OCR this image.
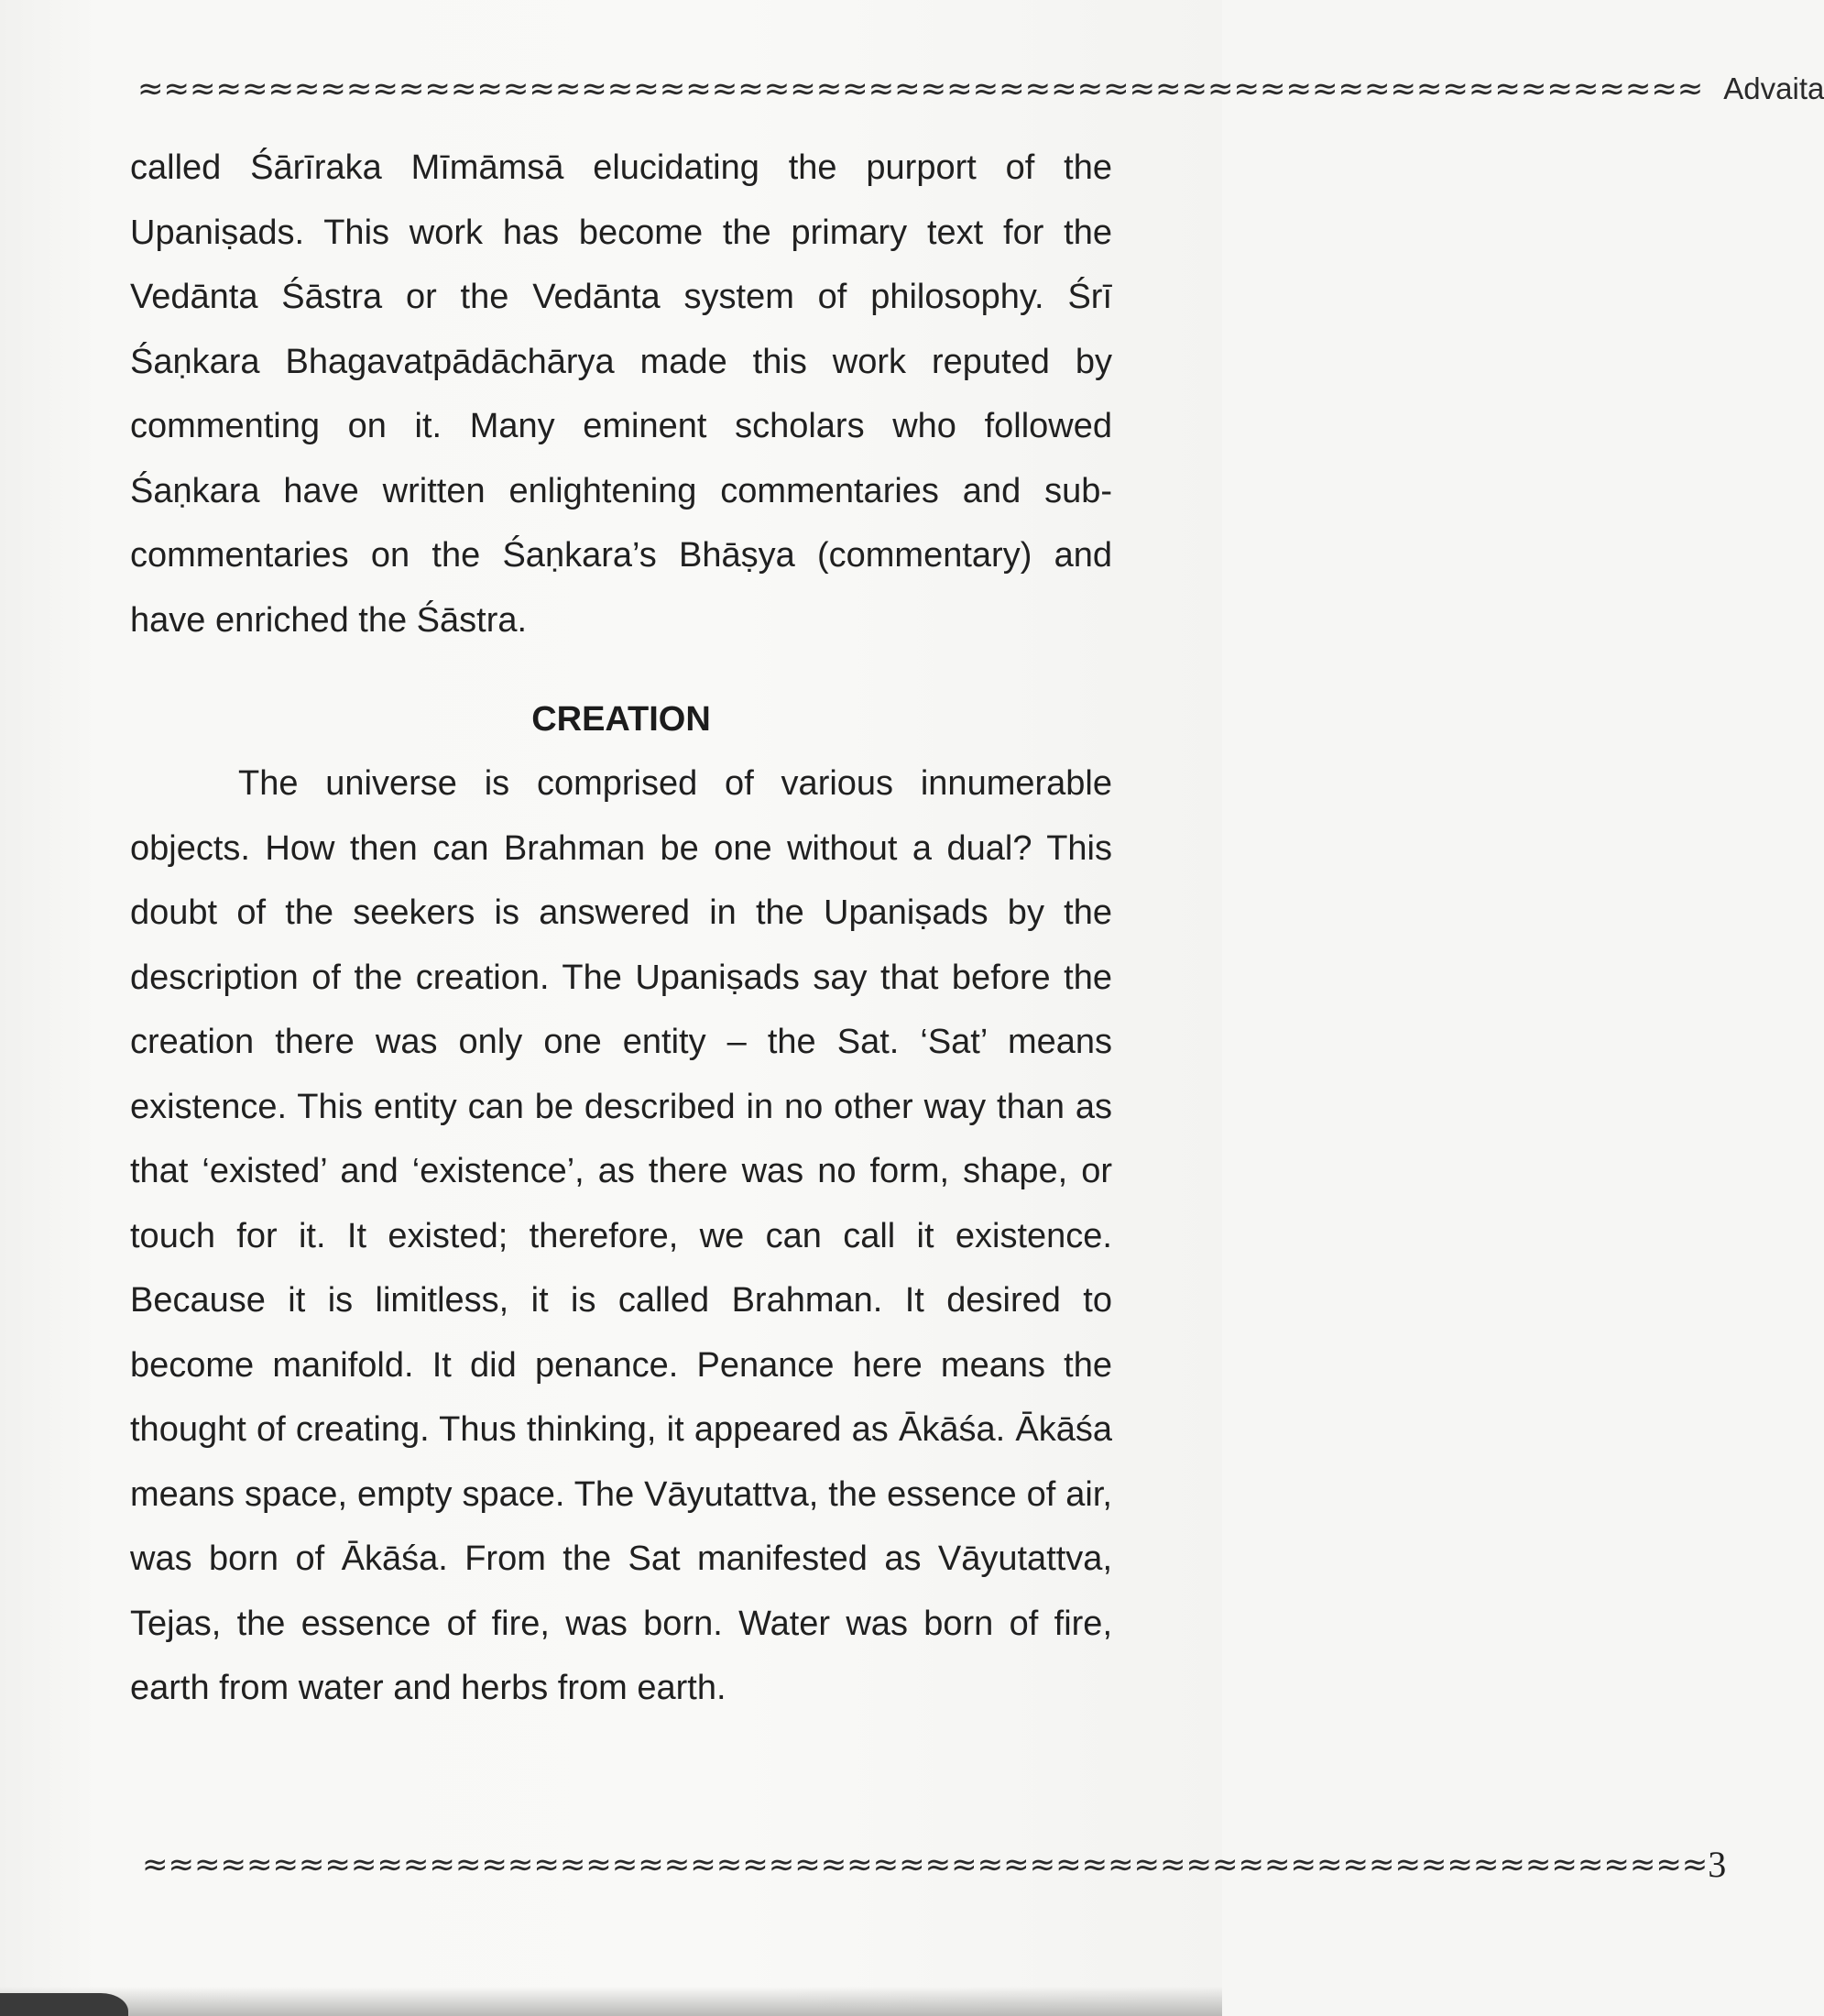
≈≈≈≈≈≈≈≈≈≈≈≈≈≈≈≈≈≈≈≈≈≈≈≈≈≈≈≈≈≈≈≈≈≈≈≈≈≈≈≈≈≈≈≈≈≈≈≈≈≈≈≈≈≈≈≈≈≈≈≈ Advaita

called Śārīraka Mīmāmsā elucidating the purport of the Upaniṣads. This work has become the primary text for the Vedānta Śāstra or the Vedānta system of philosophy. Śrī Śaṇkara Bhagavatpādāchārya made this work reputed by commenting on it. Many eminent scholars who followed Śaṇkara have written enlightening commentaries and sub-commentaries on the Śaṇkara’s Bhāṣya (commentary) and have enriched the Śāstra.

CREATION

The universe is comprised of various innumerable objects. How then can Brahman be one without a dual? This doubt of the seekers is answered in the Upaniṣads by the description of the creation. The Upaniṣads say that before the creation there was only one entity – the Sat. ‘Sat’ means existence. This entity can be described in no other way than as that ‘existed’ and ‘existence’, as there was no form, shape, or touch for it. It existed; therefore, we can call it existence. Because it is limitless, it is called Brahman. It desired to become manifold. It did penance. Penance here means the thought of creating. Thus thinking, it appeared as Ākāśa. Ākāśa means space, empty space. The Vāyutattva, the essence of air, was born of Ākāśa. From the Sat manifested as Vāyutattva, Tejas, the essence of fire, was born. Water was born of fire, earth from water and herbs from earth.

≈≈≈≈≈≈≈≈≈≈≈≈≈≈≈≈≈≈≈≈≈≈≈≈≈≈≈≈≈≈≈≈≈≈≈≈≈≈≈≈≈≈≈≈≈≈≈≈≈≈≈≈≈≈≈≈≈≈≈≈ 3
